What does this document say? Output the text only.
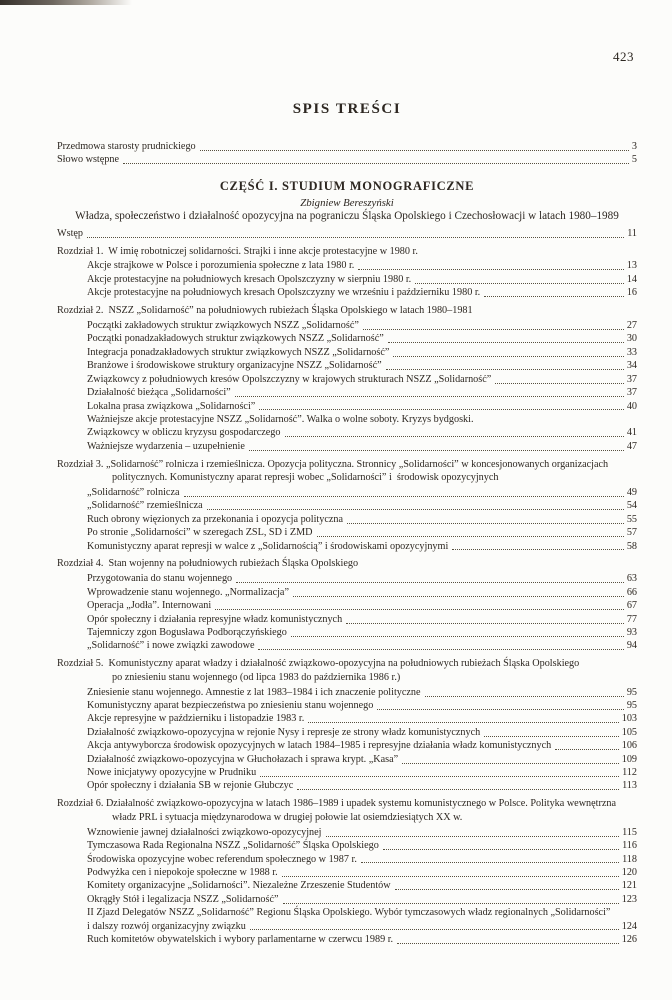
423
SPIS TREŚCI
Przedmowa starosty prudnickiego	3
Słowo wstępne	5
CZĘŚĆ I. STUDIUM MONOGRAFICZNE
Zbigniew Bereszyński
Władza, społeczeństwo i działalność opozycyjna na pograniczu Śląska Opolskiego i Czechosłowacji w latach 1980–1989
Wstęp	11
Rozdział 1.  W imię robotniczej solidarności. Strajki i inne akcje protestacyjne w 1980 r.
Akcje strajkowe w Polsce i porozumienia społeczne z lata 1980 r.	13
Akcje protestacyjne na południowych kresach Opolszczyzny w sierpniu 1980 r.	14
Akcje protestacyjne na południowych kresach Opolszczyzny we wrześniu i październiku 1980 r.	16
Rozdział 2.  NSZZ „Solidarność” na południowych rubieżach Śląska Opolskiego w latach 1980–1981
Początki zakładowych struktur związkowych NSZZ „Solidarność”	27
Początki ponadzakładowych struktur związkowych NSZZ „Solidarność”	30
Integracja ponadzakładowych struktur związkowych NSZZ „Solidarność”	33
Branżowe i środowiskowe struktury organizacyjne NSZZ „Solidarność”	34
Związkowcy z południowych kresów Opolszczyzny w krajowych strukturach NSZZ „Solidarność”	37
Działalność bieżąca „Solidarności”	37
Lokalna prasa związkowa „Solidarności”	40
Ważniejsze akcje protestacyjne NSZZ „Solidarność”. Walka o wolne soboty. Kryzys bydgoski.
Związkowcy w obliczu kryzysu gospodarczego	41
Ważniejsze wydarzenia – uzupełnienie	47
Rozdział 3. „Solidarność” rolnicza i rzemieślnicza. Opozycja polityczna. Stronnicy „Solidarności” w koncesjonowanych organizacjach
politycznych. Komunistyczny aparat represji wobec „Solidarności” i  środowisk opozycyjnych
„Solidarność” rolnicza	49
„Solidarność” rzemieślnicza	54
Ruch obrony więzionych za przekonania i opozycja polityczna	55
Po stronie „Solidarności” w szeregach ZSL, SD i ZMD	57
Komunistyczny aparat represji w walce z „Solidarnością” i środowiskami opozycyjnymi	58
Rozdział 4.  Stan wojenny na południowych rubieżach Śląska Opolskiego
Przygotowania do stanu wojennego	63
Wprowadzenie stanu wojennego. „Normalizacja”	66
Operacja „Jodła”. Internowani	67
Opór społeczny i działania represyjne władz komunistycznych	77
Tajemniczy zgon Bogusława Podborączyńskiego	93
„Solidarność” i nowe związki zawodowe	94
Rozdział 5.  Komunistyczny aparat władzy i działalność związkowo-opozycyjna na południowych rubieżach Śląska Opolskiego
po zniesieniu stanu wojennego (od lipca 1983 do października 1986 r.)
Zniesienie stanu wojennego. Amnestie z lat 1983–1984 i ich znaczenie polityczne	95
Komunistyczny aparat bezpieczeństwa po zniesieniu stanu wojennego	95
Akcje represyjne w październiku i listopadzie 1983 r.	103
Działalność związkowo-opozycyjna w rejonie Nysy i represje ze strony władz komunistycznych	105
Akcja antywyborcza środowisk opozycyjnych w latach 1984–1985 i represyjne działania władz komunistycznych	106
Działalność związkowo-opozycyjna w Głuchołazach i sprawa krypt. „Kasa”	109
Nowe inicjatywy opozycyjne w Prudniku	112
Opór społeczny i działania SB w rejonie Głubczyc	113
Rozdział 6. Działalność związkowo-opozycyjna w latach 1986–1989 i upadek systemu komunistycznego w Polsce. Polityka wewnętrzna
władz PRL i sytuacja międzynarodowa w drugiej połowie lat osiemdziesiątych XX w.
Wznowienie jawnej działalności związkowo-opozycyjnej	115
Tymczasowa Rada Regionalna NSZZ „Solidarność” Śląska Opolskiego	116
Środowiska opozycyjne wobec referendum społecznego w 1987 r.	118
Podwyżka cen i niepokoje społeczne w 1988 r.	120
Komitety organizacyjne „Solidarności”. Niezależne Zrzeszenie Studentów	121
Okrągły Stół i legalizacja NSZZ „Solidarność”	123
II Zjazd Delegatów NSZZ „Solidarność” Regionu Śląska Opolskiego. Wybór tymczasowych władz regionalnych „Solidarności”
i dalszy rozwój organizacyjny związku	124
Ruch komitetów obywatelskich i wybory parlamentarne w czerwcu 1989 r.	126
